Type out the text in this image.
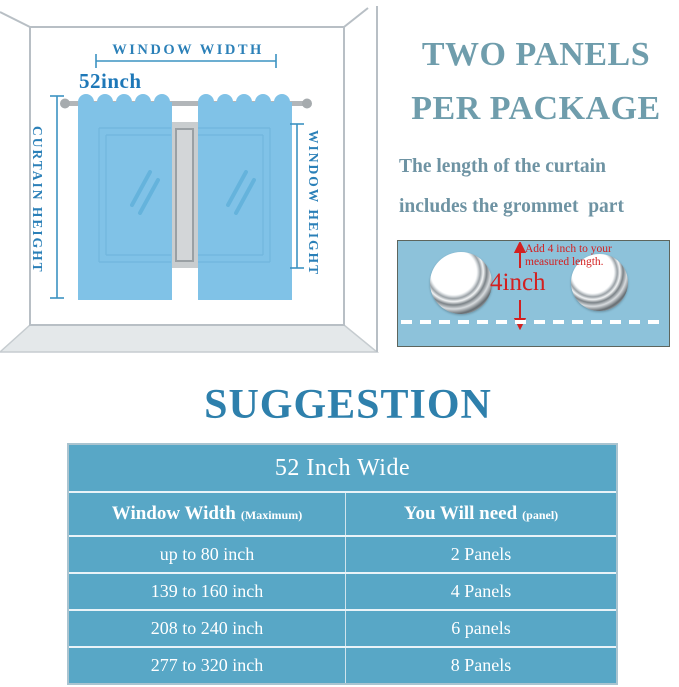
WINDOW WIDTH
52inch
CURTAIN HEIGHT	WINDOW HEIGHT
TWO PANELS
PER PACKAGE
The length of the curtain
includes the grommet  part
4inch
Add 4 inch to your
measured length.
SUGGESTION
52 Inch Wide
Window Width (Maximum)	You Will need (panel)
up to 80 inch	2 Panels
139 to 160 inch	4 Panels
208 to 240 inch	6 panels
277 to 320 inch	8 Panels
